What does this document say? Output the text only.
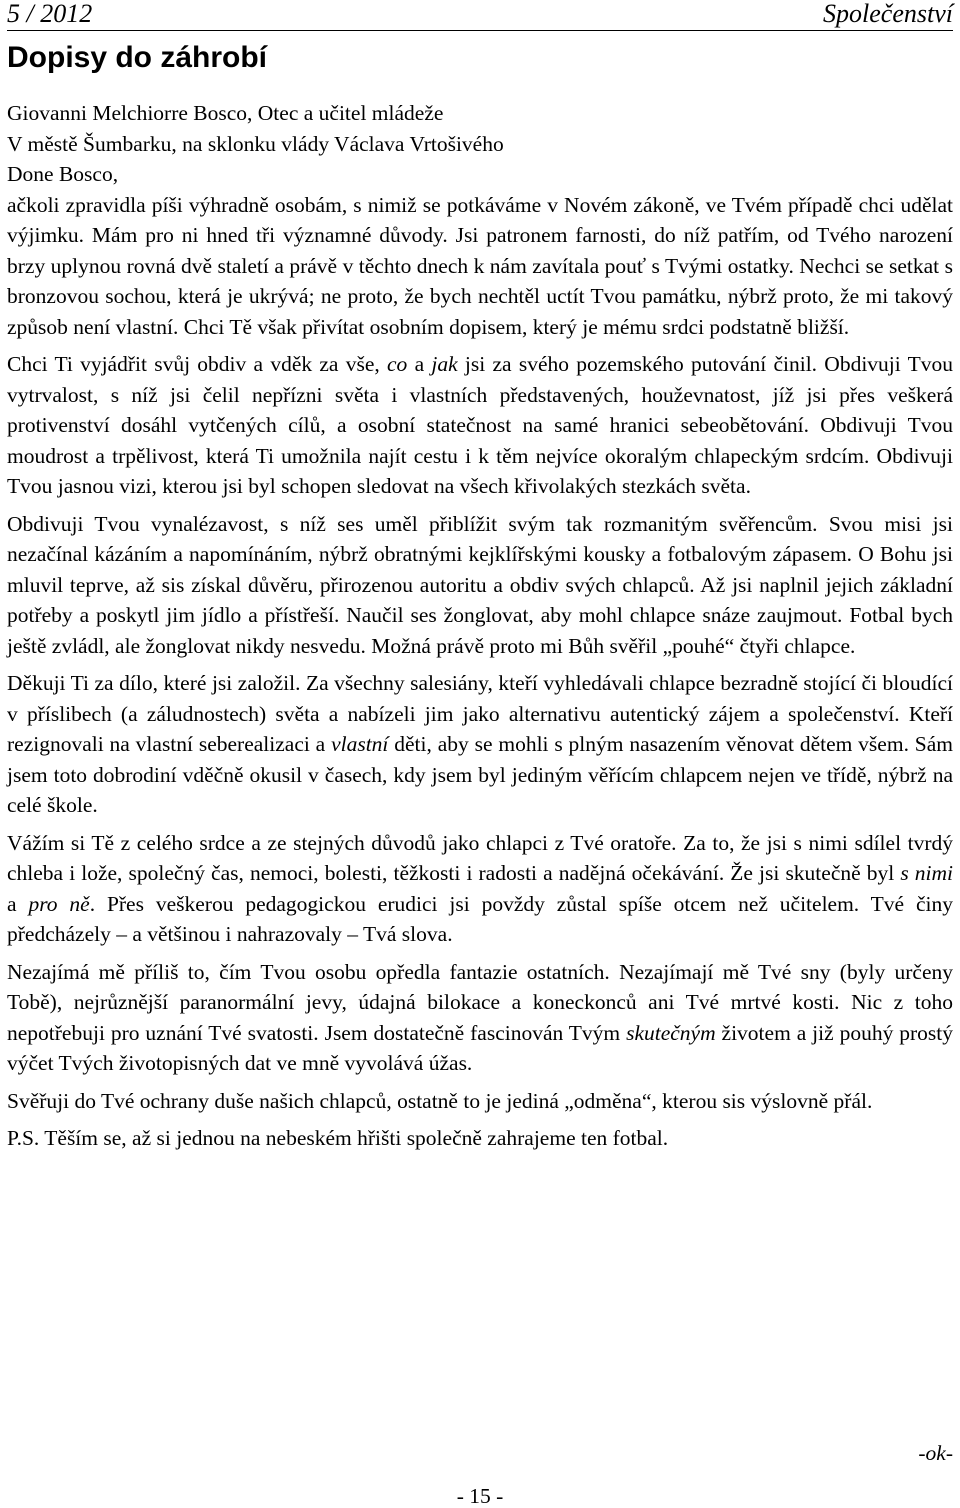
5 / 2012	Společenství
Dopisy do záhrobí

Giovanni Melchiorre Bosco, Otec a učitel mládeže

V městě Šumbarku, na sklonku vlády Václava Vrtošivého

Done Bosco,

ačkoli zpravidla píši výhradně osobám, s nimiž se potkáváme v Novém zákoně, ve Tvém případě chci udělat výjimku. Mám pro ni hned tři významné důvody. Jsi patronem farnosti, do níž patřím, od Tvého narození brzy uplynou rovná dvě staletí a právě v těchto dnech k nám zavítala pouť s Tvými ostatky. Nechci se setkat s bronzovou sochou, která je ukrývá; ne proto, že bych nechtěl uctít Tvou památku, nýbrž proto, že mi takový způsob není vlastní. Chci Tě však přivítat osobním dopisem, který je mému srdci podstatně bližší.

Chci Ti vyjádřit svůj obdiv a vděk za vše, co a jak jsi za svého pozemského putování činil. Obdivuji Tvou vytrvalost, s níž jsi čelil nepřízni světa i vlastních představených, houževnatost, jíž jsi přes veškerá protivenství dosáhl vytčených cílů, a osobní statečnost na samé hranici sebeobětování. Obdivuji Tvou moudrost a trpělivost, která Ti umožnila najít cestu i k těm nejvíce okoralým chlapeckým srdcím. Obdivuji Tvou jasnou vizi, kterou jsi byl schopen sledovat na všech křivolakých stezkách světa.

Obdivuji Tvou vynalézavost, s níž ses uměl přiblížit svým tak rozmanitým svěřencům. Svou misi jsi nezačínal kázáním a napomínáním, nýbrž obratnými kejklířskými kousky a fotbalovým zápasem. O Bohu jsi mluvil teprve, až sis získal důvěru, přirozenou autoritu a obdiv svých chlapců. Až jsi naplnil jejich základní potřeby a poskytl jim jídlo a přístřeší. Naučil ses žonglovat, aby mohl chlapce snáze zaujmout. Fotbal bych ještě zvládl, ale žonglovat nikdy nesvedu. Možná právě proto mi Bůh svěřil „pouhé“ čtyři chlapce.

Děkuji Ti za dílo, které jsi založil. Za všechny salesiány, kteří vyhledávali chlapce bezradně stojící či bloudící v příslibech (a záludnostech) světa a nabízeli jim jako alternativu autentický zájem a společenství. Kteří rezignovali na vlastní seberealizaci a vlastní děti, aby se mohli s plným nasazením věnovat dětem všem. Sám jsem toto dobrodiní vděčně okusil v časech, kdy jsem byl jediným věřícím chlapcem nejen ve třídě, nýbrž na celé škole.

Vážím si Tě z celého srdce a ze stejných důvodů jako chlapci z Tvé oratoře. Za to, že jsi s nimi sdílel tvrdý chleba i lože, společný čas, nemoci, bolesti, těžkosti i radosti a nadějná očekávání. Že jsi skutečně byl s nimi a pro ně. Přes veškerou pedagogickou erudici jsi povždy zůstal spíše otcem než učitelem. Tvé činy předcházely – a většinou i nahrazovaly – Tvá slova.

Nezajímá mě příliš to, čím Tvou osobu opředla fantazie ostatních. Nezajímají mě Tvé sny (byly určeny Tobě), nejrůznější paranormální jevy, údajná bilokace a koneckonců ani Tvé mrtvé kosti. Nic z toho nepotřebuji pro uznání Tvé svatosti. Jsem dostatečně fascinován Tvým skutečným životem a již pouhý prostý výčet Tvých životopisných dat ve mně vyvolává úžas.

Svěřuji do Tvé ochrany duše našich chlapců, ostatně to je jediná „odměna“, kterou sis výslovně přál.

P.S. Těším se, až si jednou na nebeském hřišti společně zahrajeme ten fotbal.

-ok-
- 15 -
